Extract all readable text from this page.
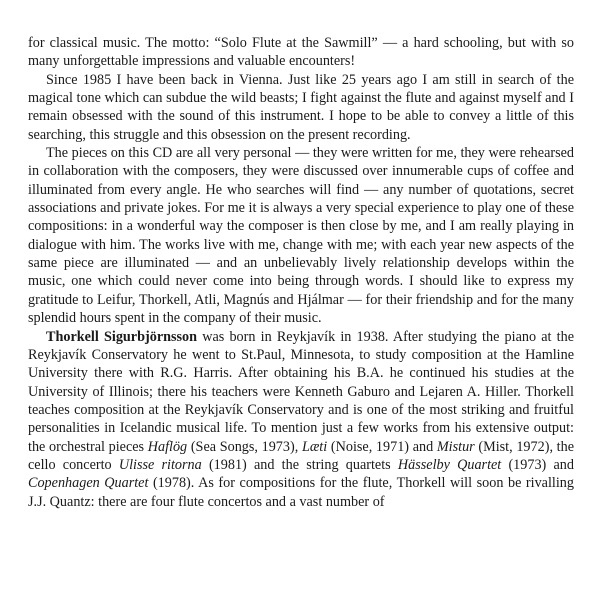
for classical music. The motto: “Solo Flute at the Sawmill” — a hard schooling, but with so many unforgettable impressions and valuable encounters!

Since 1985 I have been back in Vienna. Just like 25 years ago I am still in search of the magical tone which can subdue the wild beasts; I fight against the flute and against myself and I remain obsessed with the sound of this instrument. I hope to be able to convey a little of this searching, this struggle and this obsession on the present recording.

The pieces on this CD are all very personal — they were written for me, they were rehearsed in collaboration with the composers, they were discussed over innumerable cups of coffee and illuminated from every angle. He who searches will find — any number of quotations, secret associations and private jokes. For me it is always a very special experience to play one of these compositions: in a wonderful way the composer is then close by me, and I am really playing in dialogue with him. The works live with me, change with me; with each year new aspects of the same piece are illuminated — and an unbelievably lively relationship develops within the music, one which could never come into being through words. I should like to express my gratitude to Leifur, Thorkell, Atli, Magnús and Hjálmar — for their friendship and for the many splendid hours spent in the company of their music.

Thorkell Sigurbjörnsson was born in Reykjavík in 1938. After studying the piano at the Reykjavík Conservatory he went to St.Paul, Minnesota, to study composition at the Hamline University there with R.G. Harris. After obtaining his B.A. he continued his studies at the University of Illinois; there his teachers were Kenneth Gaburo and Lejaren A. Hiller. Thorkell teaches composition at the Reykjavík Conservatory and is one of the most striking and fruitful personalities in Icelandic musical life. To mention just a few works from his extensive output: the orchestral pieces Haflög (Sea Songs, 1973), Læti (Noise, 1971) and Mistur (Mist, 1972), the cello concerto Ulisse ritorna (1981) and the string quartets Hässelby Quartet (1973) and Copenhagen Quartet (1978). As for compositions for the flute, Thorkell will soon be rivalling J.J. Quantz: there are four flute concertos and a vast number of
